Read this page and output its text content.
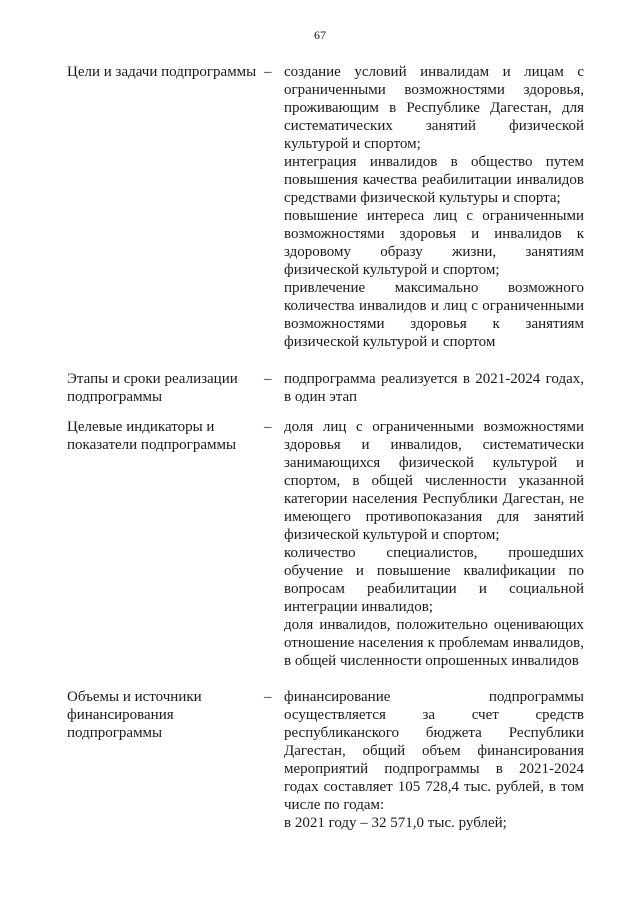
67
Цели и задачи подпрограммы – создание условий инвалидам и лицам с ограниченными возможностями здоровья, проживающим в Республике Дагестан, для систематических занятий физической культурой и спортом;

интеграция инвалидов в общество путем повышения качества реабилитации инвалидов средствами физической культуры и спорта;

повышение интереса лиц с ограниченными возможностями здоровья и инвалидов к здоровому образу жизни, занятиям физической культурой и спортом;

привлечение максимально возможного количества инвалидов и лиц с ограниченными возможностями здоровья к занятиям физической культурой и спортом

Этапы и сроки реализации подпрограммы
– подпрограмма реализуется в 2021-2024 годах, в один этап

Целевые индикаторы и показатели подпрограммы
– доля лиц с ограниченными возможностями здоровья и инвалидов, систематически занимающихся физической культурой и спортом, в общей численности указанной категории населения Республики Дагестан, не имеющего противопоказания для занятий физической культурой и спортом;

количество специалистов, прошедших обучение и повышение квалификации по вопросам реабилитации и социальной интеграции инвалидов;

доля инвалидов, положительно оценивающих отношение населения к проблемам инвалидов, в общей численности опрошенных инвалидов

Объемы и источники финансирования подпрограммы
– финансирование подпрограммы осуществляется за счет средств республиканского бюджета Республики Дагестан, общий объем финансирования мероприятий подпрограммы в 2021-2024 годах составляет 105 728,4 тыс. рублей, в том числе по годам:

в 2021 году – 32 571,0 тыс. рублей;
